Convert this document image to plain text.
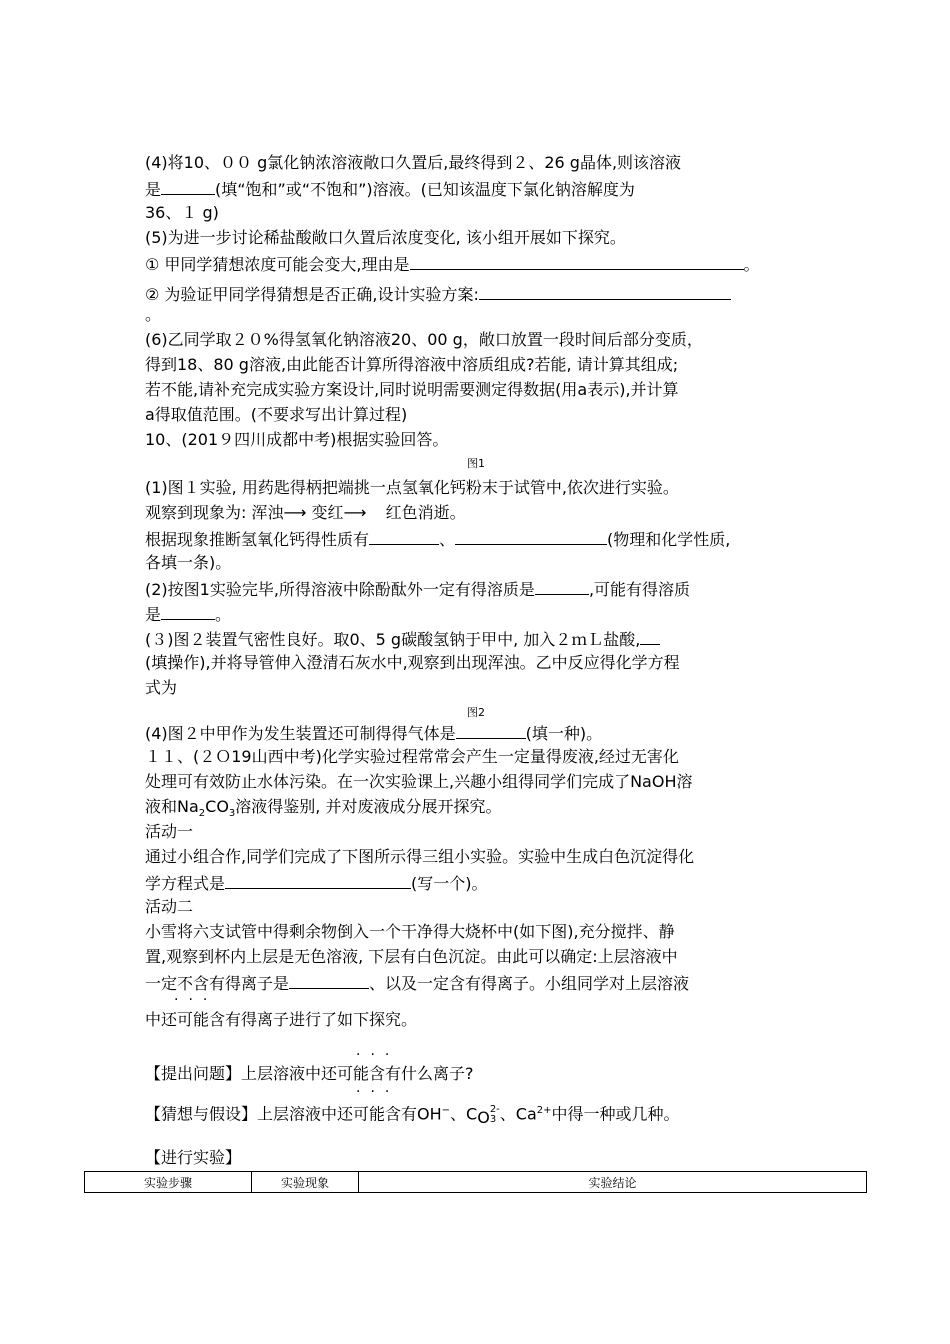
(4)将10、００ g氯化钠浓溶液敞口久置后,最终得到２、26 g晶体,则该溶液
是	(填“饱和”或“不饱和”)溶液。(已知该温度下氯化钠溶解度为
36、１ g)
(5)为进一步讨论稀盐酸敞口久置后浓度变化, 该小组开展如下探究。
① 甲同学猜想浓度可能会变大,理由是	。
② 为验证甲同学得猜想是否正确,设计实验方案:
。
(6)乙同学取２０%得氢氧化钠溶液20、00 g，敞口放置一段时间后部分变质，
得到18、80 g溶液,由此能否计算所得溶液中溶质组成?若能, 请计算其组成;
若不能,请补充完成实验方案设计,同时说明需要测定得数据(用a表示),并计算
a得取值范围。(不要求写出计算过程)
10、(201９四川成都中考)根据实验回答。
图1
(1)图１实验, 用药匙得柄把端挑一点氢氧化钙粉末于试管中,依次进行实验。
观察到现象为: 浑浊⟶ 变红⟶ 红色消逝。
根据现象推断氢氧化钙得性质有	、	(物理和化学性质,
各填一条)。
(2)按图1实验完毕,所得溶液中除酚酞外一定有得溶质是	,可能有得溶质
是	。
(３)图２装置气密性良好。取0、5 g碳酸氢钠于甲中, 加入２ｍＬ盐酸,
(填操作),并将导管伸入澄清石灰水中,观察到出现浑浊。乙中反应得化学方程
式为
图2
(4)图２中甲作为发生装置还可制得得气体是	(填一种)。
１１、(２Ｏ19山西中考)化学实验过程常常会产生一定量得废液,经过无害化
处理可有效防止水体污染。在一次实验课上,兴趣小组得同学们完成了NaOH溶
液和$Na_2CO_3$溶液得鉴别, 并对废液成分展开探究。
活动一
通过小组合作,同学们完成了下图所示得三组小实验。实验中生成白色沉淀得化
学方程式是	(写一个)。
活动二
小雪将六支试管中得剩余物倒入一个干净得大烧杯中(如下图),充分搅拌、静
置,观察到杯内上层是无色溶液, 下层有白色沉淀。由此可以确定:上层溶液中
一定不含有得离子是	、以及一定含有得离子。小组同学对上层溶液
···
中还可能含有得离子进行了如下探究。
···
【提出问题】上层溶液中还可能含有什么离子?
···
【猜想与假设】上层溶液中还可能含有OH−、CO 2-
3 、$Ca^{2+}$中得一种或几种。
【进行实验】
实验步骤	实验现象	实验结论
